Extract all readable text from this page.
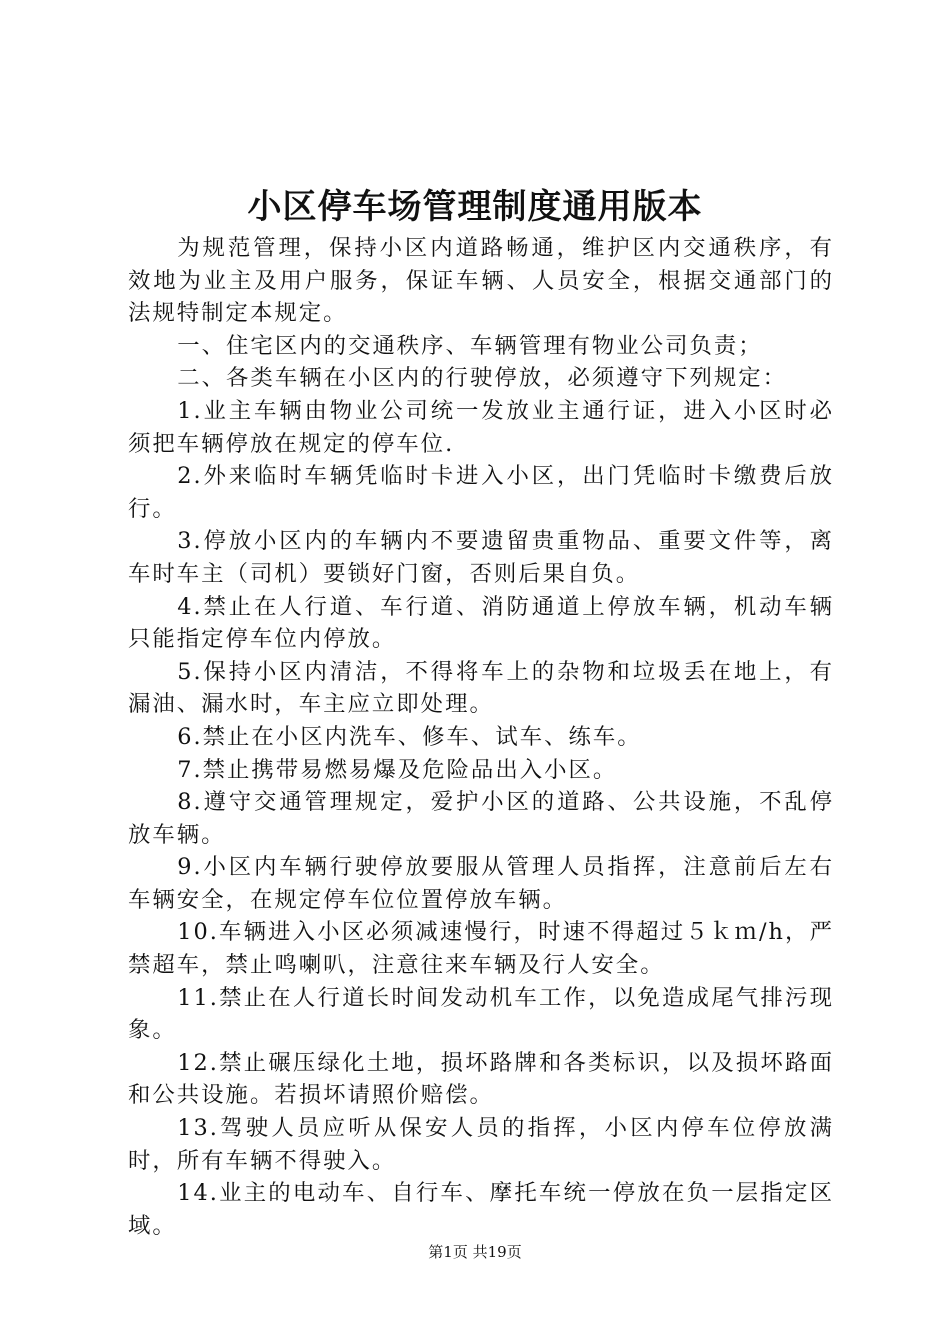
小区停车场管理制度通用版本

为规范管理，保持小区内道路畅通，维护区内交通秩序，有效地为业主及用户服务，保证车辆、人员安全，根据交通部门的法规特制定本规定。

一、住宅区内的交通秩序、车辆管理有物业公司负责；

二、各类车辆在小区内的行驶停放，必须遵守下列规定：

1.业主车辆由物业公司统一发放业主通行证，进入小区时必须把车辆停放在规定的停车位.

2.外来临时车辆凭临时卡进入小区，出门凭临时卡缴费后放行。

3.停放小区内的车辆内不要遗留贵重物品、重要文件等，离车时车主（司机）要锁好门窗，否则后果自负。

4.禁止在人行道、车行道、消防通道上停放车辆，机动车辆只能指定停车位内停放。

5.保持小区内清洁，不得将车上的杂物和垃圾丢在地上，有漏油、漏水时，车主应立即处理。

6.禁止在小区内洗车、修车、试车、练车。

7.禁止携带易燃易爆及危险品出入小区。

8.遵守交通管理规定，爱护小区的道路、公共设施，不乱停放车辆。

9.小区内车辆行驶停放要服从管理人员指挥，注意前后左右车辆安全，在规定停车位位置停放车辆。

10.车辆进入小区必须减速慢行，时速不得超过５ｋｍ/h，严禁超车，禁止鸣喇叭，注意往来车辆及行人安全。

11.禁止在人行道长时间发动机车工作，以免造成尾气排污现象。

12.禁止碾压绿化土地，损坏路牌和各类标识，以及损坏路面和公共设施。若损坏请照价赔偿。

13.驾驶人员应听从保安人员的指挥，小区内停车位停放满时，所有车辆不得驶入。

14.业主的电动车、自行车、摩托车统一停放在负一层指定区域。

第1页 共19页
